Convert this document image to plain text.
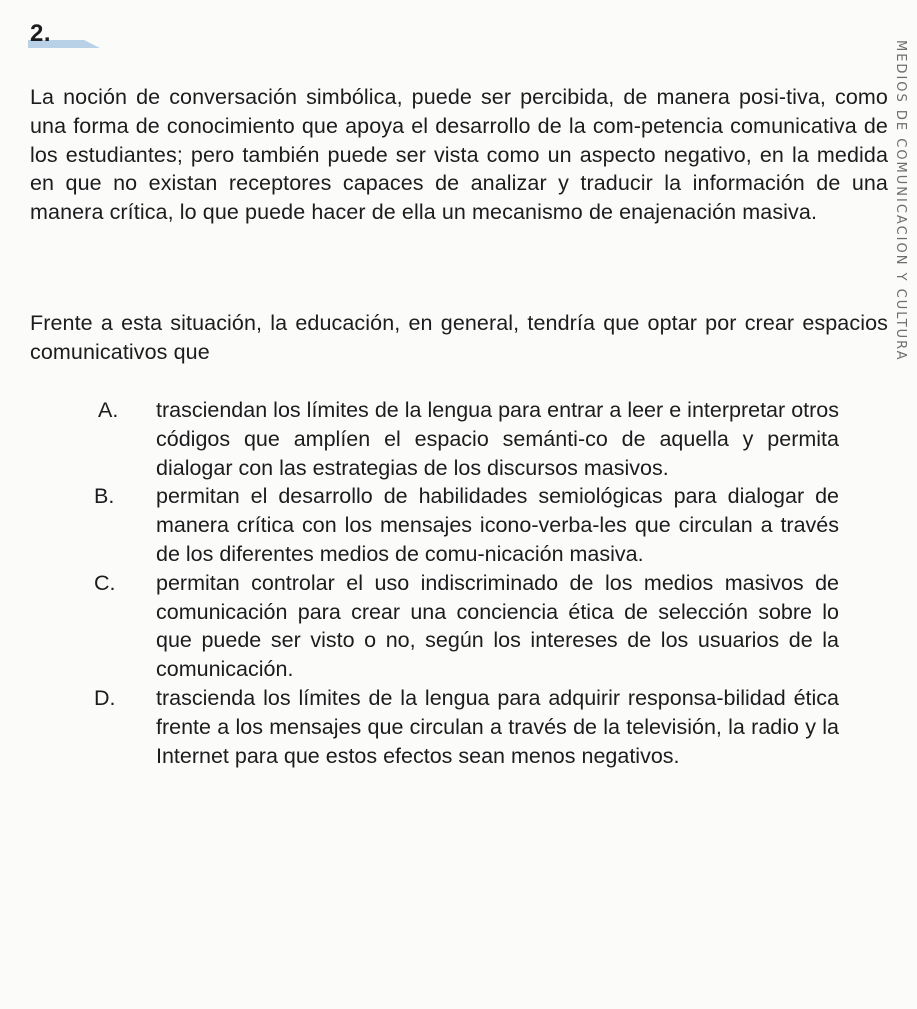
2.
La noción de conversación simbólica, puede ser percibida, de manera posi-tiva, como una forma de conocimiento que apoya el desarrollo de la com-petencia comunicativa de los estudiantes; pero también puede ser vista como un aspecto negativo, en la medida en que no existan receptores capaces de analizar y traducir la información de una manera crítica, lo que puede hacer de ella un mecanismo de enajenación masiva.
Frente a esta situación, la educación, en general, tendría que optar por crear espacios comunicativos que
A.	trasciendan los límites de la lengua para entrar a leer e interpretar otros códigos que amplíen el espacio semánti-co de aquella y permita dialogar con las estrategias de los discursos masivos.
B.	permitan el desarrollo de habilidades semiológicas para dialogar de manera crítica con los mensajes icono-verba-les que circulan a través de los diferentes medios de comu-nicación masiva.
C.	permitan controlar el uso indiscriminado de los medios masivos de comunicación para crear una conciencia ética de selección sobre lo que puede ser visto o no, según los intereses de los usuarios de la comunicación.
D.	trascienda los límites de la lengua para adquirir responsa-bilidad ética frente a los mensajes que circulan a través de la televisión, la radio y la Internet para que estos efectos sean menos negativos.
MEDIOS DE COMUNICACIÓN Y CULTURA
